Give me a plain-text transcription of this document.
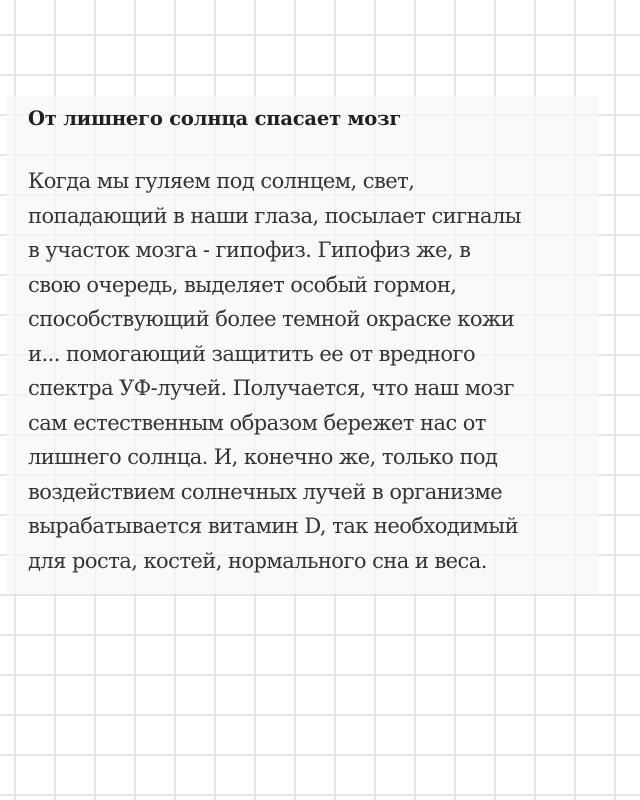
От лишнего солнца спасает мозг

Когда мы гуляем под солнцем, свет,
попадающий в наши глаза, посылает сигналы
в участок мозга - гипофиз. Гипофиз же, в
свою очередь, выделяет особый гормон,
способствующий более темной окраске кожи
и... помогающий защитить ее от вредного
спектра УФ-лучей. Получается, что наш мозг
сам естественным образом бережет нас от
лишнего солнца. И, конечно же, только под
воздействием солнечных лучей в организме
вырабатывается витамин D, так необходимый
для роста, костей, нормального сна и веса.
